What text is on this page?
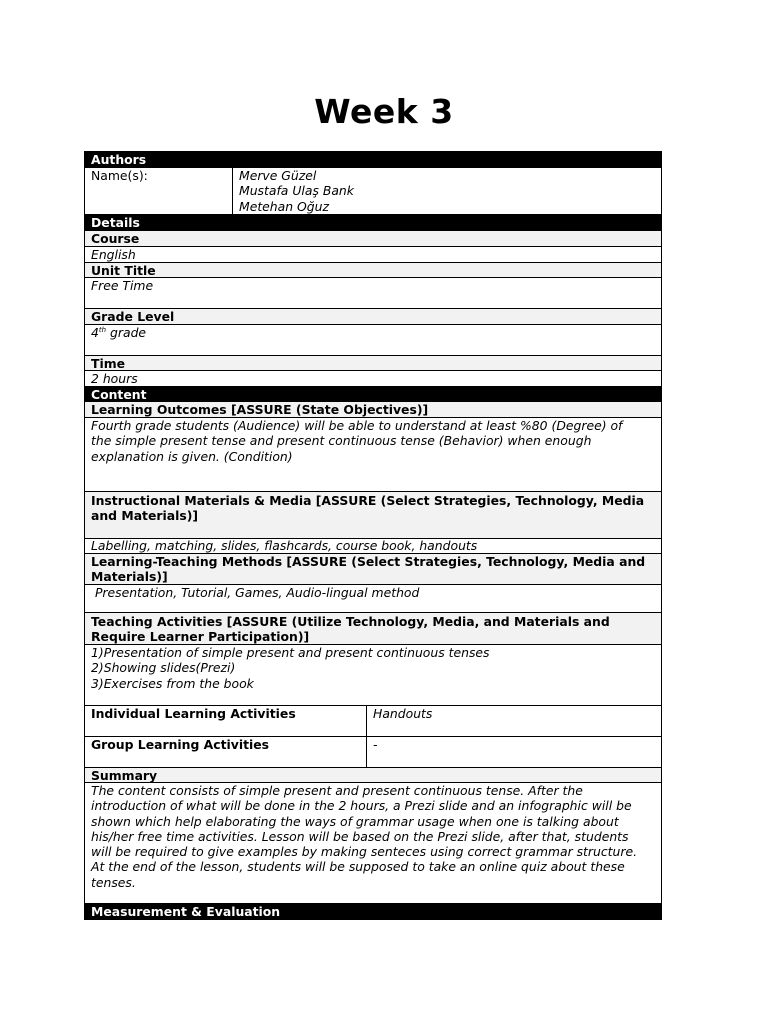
Week 3
Authors
Name(s):	Merve Güzel
Mustafa Ulaş Bank
Metehan Oğuz
Details
Course
English
Unit Title
Free Time
Grade Level
4th grade
Time
2 hours
Content
Learning Outcomes [ASSURE (State Objectives)]
Fourth grade students (Audience) will be able to understand at least %80 (Degree) of
the simple present tense and present continuous tense (Behavior) when enough
explanation is given. (Condition)
Instructional Materials & Media [ASSURE (Select Strategies, Technology, Media
and Materials)]
Labelling, matching, slides, flashcards, course book, handouts
Learning-Teaching Methods [ASSURE (Select Strategies, Technology, Media and
Materials)]
Presentation, Tutorial, Games, Audio-lingual method
Teaching Activities [ASSURE (Utilize Technology, Media, and Materials and
Require Learner Participation)]
1)Presentation of simple present and present continuous tenses
2)Showing slides(Prezi)
3)Exercises from the book
Individual Learning Activities	Handouts
Group Learning Activities	-
Summary
The content consists of simple present and present continuous tense. After the
introduction of what will be done in the 2 hours, a Prezi slide and an infographic will be
shown which help elaborating the ways of grammar usage when one is talking about
his/her free time activities. Lesson will be based on the Prezi slide, after that, students
will be required to give examples by making senteces using correct grammar structure.
At the end of the lesson, students will be supposed to take an online quiz about these
tenses.
Measurement & Evaluation
